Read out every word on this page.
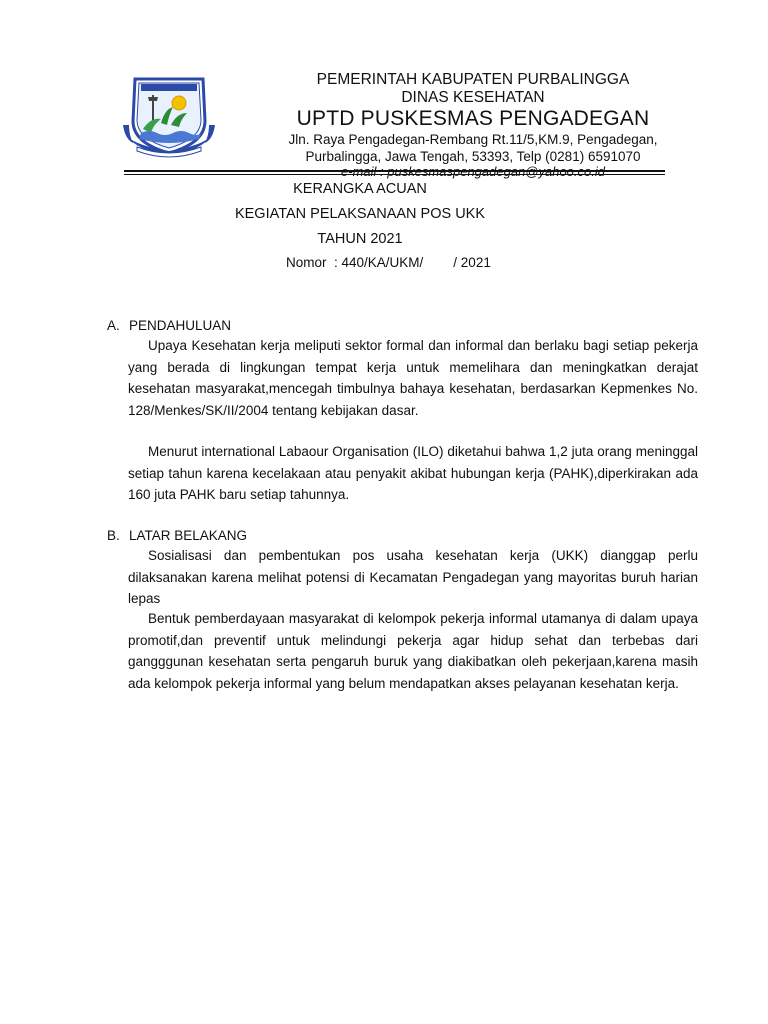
PEMERINTAH KABUPATEN PURBALINGGA
DINAS KESEHATAN
UPTD PUSKESMAS PENGADEGAN
Jln. Raya Pengadegan-Rembang Rt.11/5,KM.9, Pengadegan,
Purbalingga, Jawa Tengah, 53393, Telp (0281) 6591070
KERANGKA ACUAN
KEGIATAN PELAKSANAAN POS UKK
TAHUN 2021
Nomor  : 440/KA/UKM/        / 2021
A. PENDAHULUAN

Upaya Kesehatan kerja meliputi sektor formal dan informal dan berlaku bagi setiap pekerja yang berada di lingkungan tempat kerja untuk memelihara dan meningkatkan derajat kesehatan masyarakat,mencegah timbulnya bahaya kesehatan, berdasarkan Kepmenkes No. 128/Menkes/SK/II/2004 tentang kebijakan dasar.

Menurut international Labaour Organisation (ILO) diketahui bahwa 1,2 juta orang meninggal setiap tahun karena kecelakaan atau penyakit akibat hubungan kerja (PAHK),diperkirakan ada 160 juta PAHK baru setiap tahunnya.

B. LATAR BELAKANG

Sosialisasi dan pembentukan pos usaha kesehatan kerja (UKK) dianggap perlu dilaksanakan karena melihat potensi di Kecamatan Pengadegan yang mayoritas buruh harian lepas

Bentuk pemberdayaan masyarakat di kelompok pekerja informal utamanya di dalam upaya promotif,dan preventif untuk melindungi pekerja agar hidup sehat dan terbebas dari gangggunan kesehatan serta pengaruh buruk yang diakibatkan oleh pekerjaan,karena masih ada kelompok pekerja informal yang belum mendapatkan akses pelayanan kesehatan kerja.
